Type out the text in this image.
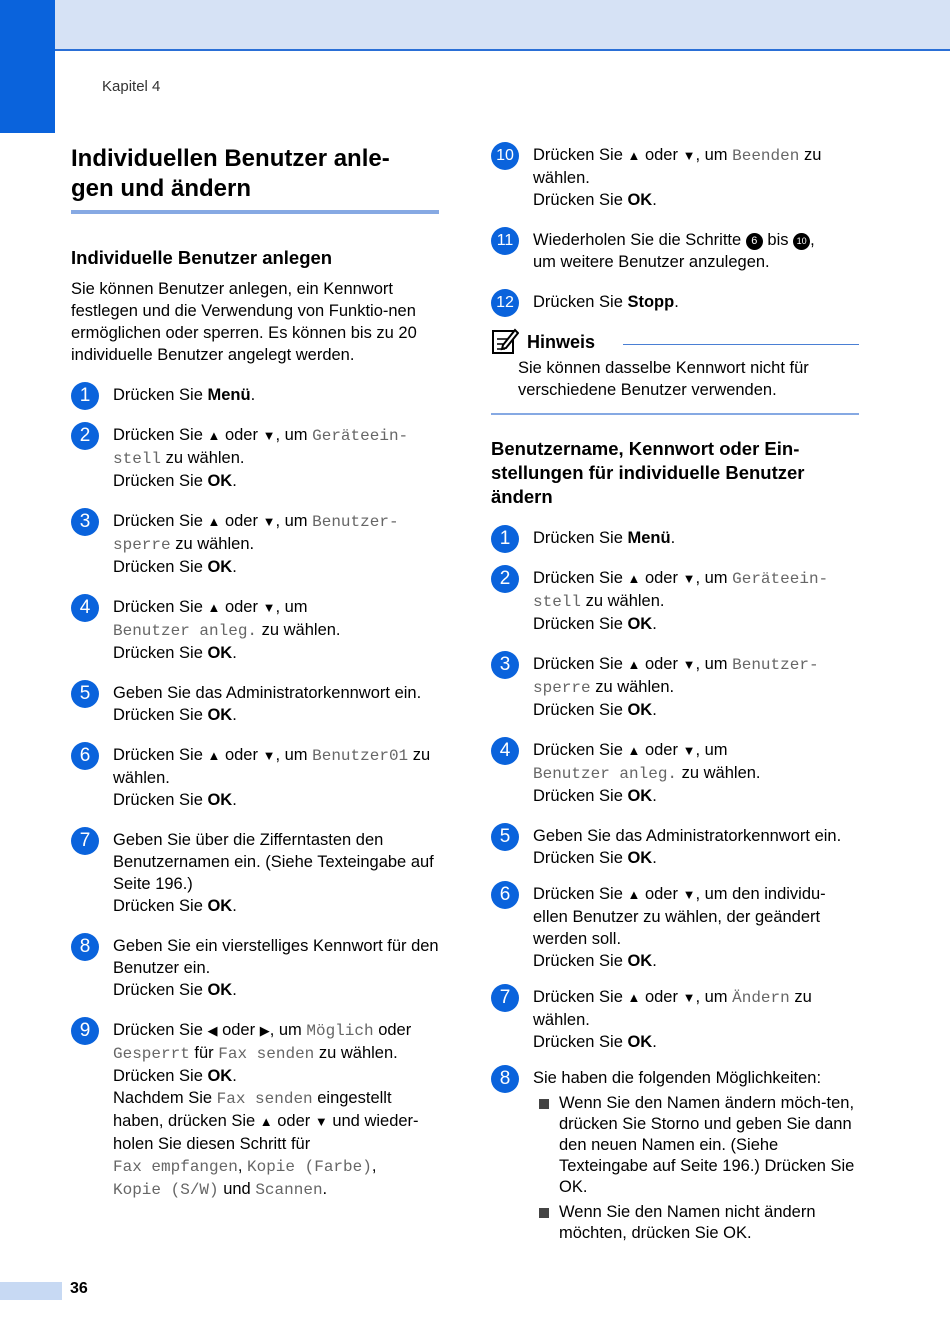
Kapitel 4
Individuellen Benutzer anle-
gen und ändern
Individuelle Benutzer anlegen

Sie können Benutzer anlegen, ein Kennwort festlegen und die Verwendung von Funktio-nen ermöglichen oder sperren. Es können bis zu 20 individuelle Benutzer angelegt werden.

1	Drücken Sie Menü.
2	Drücken Sie ▲ oder ▼, um Geräteein-stell zu wählen.
Drücken Sie OK.
3	Drücken Sie ▲ oder ▼, um Benutzer-sperre zu wählen.
Drücken Sie OK.
4	Drücken Sie ▲ oder ▼, um
Benutzer anleg. zu wählen.
Drücken Sie OK.
5	Geben Sie das Administratorkennwort ein.
Drücken Sie OK.
6	Drücken Sie ▲ oder ▼, um Benutzer01 zu wählen.
Drücken Sie OK.
7	Geben Sie über die Zifferntasten den Benutzernamen ein. (Siehe Texteingabe auf Seite 196.)
Drücken Sie OK.
8	Geben Sie ein vierstelliges Kennwort für den Benutzer ein.
Drücken Sie OK.
9	Drücken Sie ◀ oder ▶, um Möglich oder Gesperrt für Fax senden zu wählen.
Drücken Sie OK.
Nachdem Sie Fax senden eingestellt haben, drücken Sie ▲ oder ▼ und wieder-holen Sie diesen Schritt für
Fax empfangen, Kopie (Farbe),
Kopie (S/W) und Scannen.
10	Drücken Sie ▲ oder ▼, um Beenden zu wählen.
Drücken Sie OK.
11	Wiederholen Sie die Schritte 6 bis 10 ,
um weitere Benutzer anzulegen.
12	Drücken Sie Stopp.
Hinweis
Sie können dasselbe Kennwort nicht für verschiedene Benutzer verwenden.
Benutzername, Kennwort oder Ein-stellungen für individuelle Benutzer ändern
1	Drücken Sie Menü.
2	Drücken Sie ▲ oder ▼, um Geräteein-stell zu wählen.
Drücken Sie OK.
3	Drücken Sie ▲ oder ▼, um Benutzer-sperre zu wählen.
Drücken Sie OK.
4	Drücken Sie ▲ oder ▼, um
Benutzer anleg. zu wählen.
Drücken Sie OK.
5	Geben Sie das Administratorkennwort ein. Drücken Sie OK.
6	Drücken Sie ▲ oder ▼, um den individu-ellen Benutzer zu wählen, der geändert werden soll.
Drücken Sie OK.
7	Drücken Sie ▲ oder ▼, um Ändern zu wählen.
Drücken Sie OK.
8	Sie haben die folgenden Möglichkeiten:
Wenn Sie den Namen ändern möch-ten, drücken Sie Storno und geben Sie dann den neuen Namen ein. (Siehe Texteingabe auf Seite 196.) Drücken Sie OK.
Wenn Sie den Namen nicht ändern möchten, drücken Sie OK.
36
